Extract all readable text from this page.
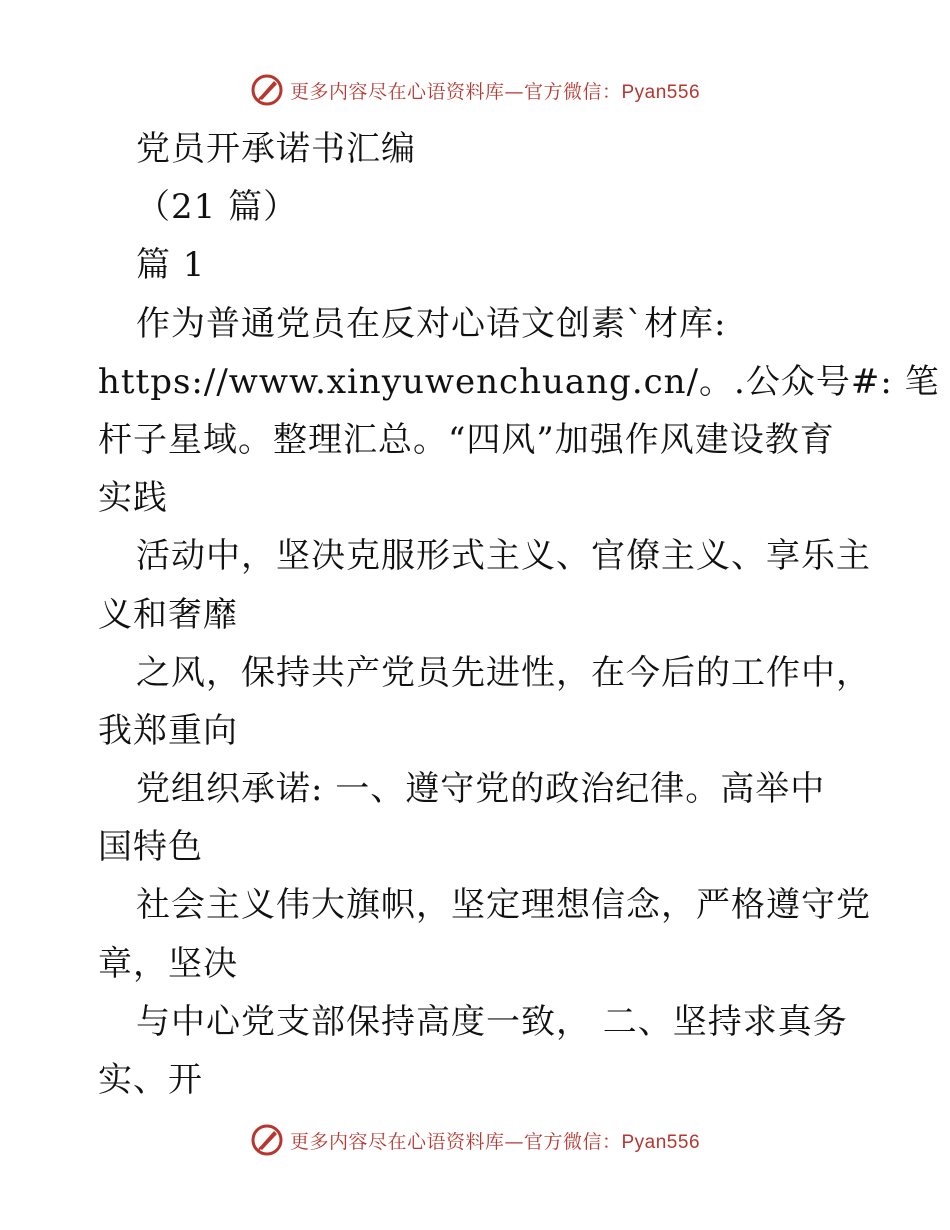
更多内容尽在心语资料库—官方微信：Pyan556
党员开承诺书汇编
（21 篇）
篇 1
作为普通党员在反对心语文创素`材库:
https://www.xinyuwenchuang.cn/。.公众号#: 笔
杆子星域。整理汇总。“四风”加强作风建设教育
实践
活动中，坚决克服形式主义、官僚主义、享乐主
义和奢靡
之风，保持共产党员先进性，在今后的工作中，
我郑重向
党组织承诺: 一、遵守党的政治纪律。高举中
国特色
社会主义伟大旗帜，坚定理想信念，严格遵守党
章，坚决
与中心党支部保持高度一致， 二、坚持求真务
实、开
更多内容尽在心语资料库—官方微信：Pyan556
